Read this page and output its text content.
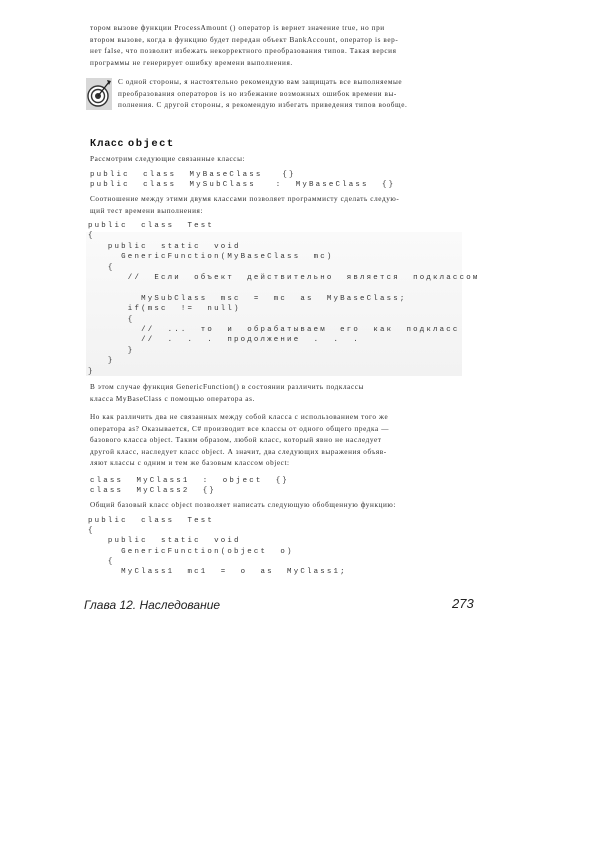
тором вызове функции ProcessAmount () оператор is вернет значение true, но при
втором вызове, когда в функцию будет передан объект BankAccount, оператор is вер-
нет false, что позволит избежать некорректного преобразования типов. Такая версия
программы не генерирует ошибку времени выполнения.
С одной стороны, я настоятельно рекомендую вам защищать все выполняемые
преобразования операторов is но избежание возможных ошибок времени вы-
полнения. С другой стороны, я рекомендую избегать приведения типов вообще.
Класс object
Рассмотрим следующие связанные классы:
public  class  MyBaseClass   {}
public  class  MySubClass   :  MyBaseClass  {}
Соотношение между этими двумя классами позволяет программисту сделать следую-
щий тест времени выполнения:
public  class  Test
{
public  static  void
GenericFunction(MyBaseClass  mc)
{
//  Если  объект  действительно  является  подклассом

MySubClass  msc  =  mc  as  MyBaseClass;
if(msc  !=  null)
{
//  ...  то  и  обрабатываем  его  как  подкласс
//  .  .  .  продолжение  .  .  .
}
}
}
В этом случае функция GenericFunction() в состоянии различить подклассы
класса MyBaseClass с помощью оператора as.
Но как различить два не связанных между собой класса с использованием того же
оператора as? Оказывается, C# производит все классы от одного общего предка —
базового класса object. Таким образом, любой класс, который явно не наследует
другой класс, наследует класс object. А значит, два следующих выражения объяв-
ляют классы с одним и тем же базовым классом object:
class  MyClass1  :  object  {}
class  MyClass2  {}
Общий базовый класс object позволяет написать следующую обобщенную функцию:
public  class  Test
{
public  static  void
GenericFunction(object  o)
{
MyClass1  mc1  =  o  as  MyClass1;
Глава 12. Наследование	273
